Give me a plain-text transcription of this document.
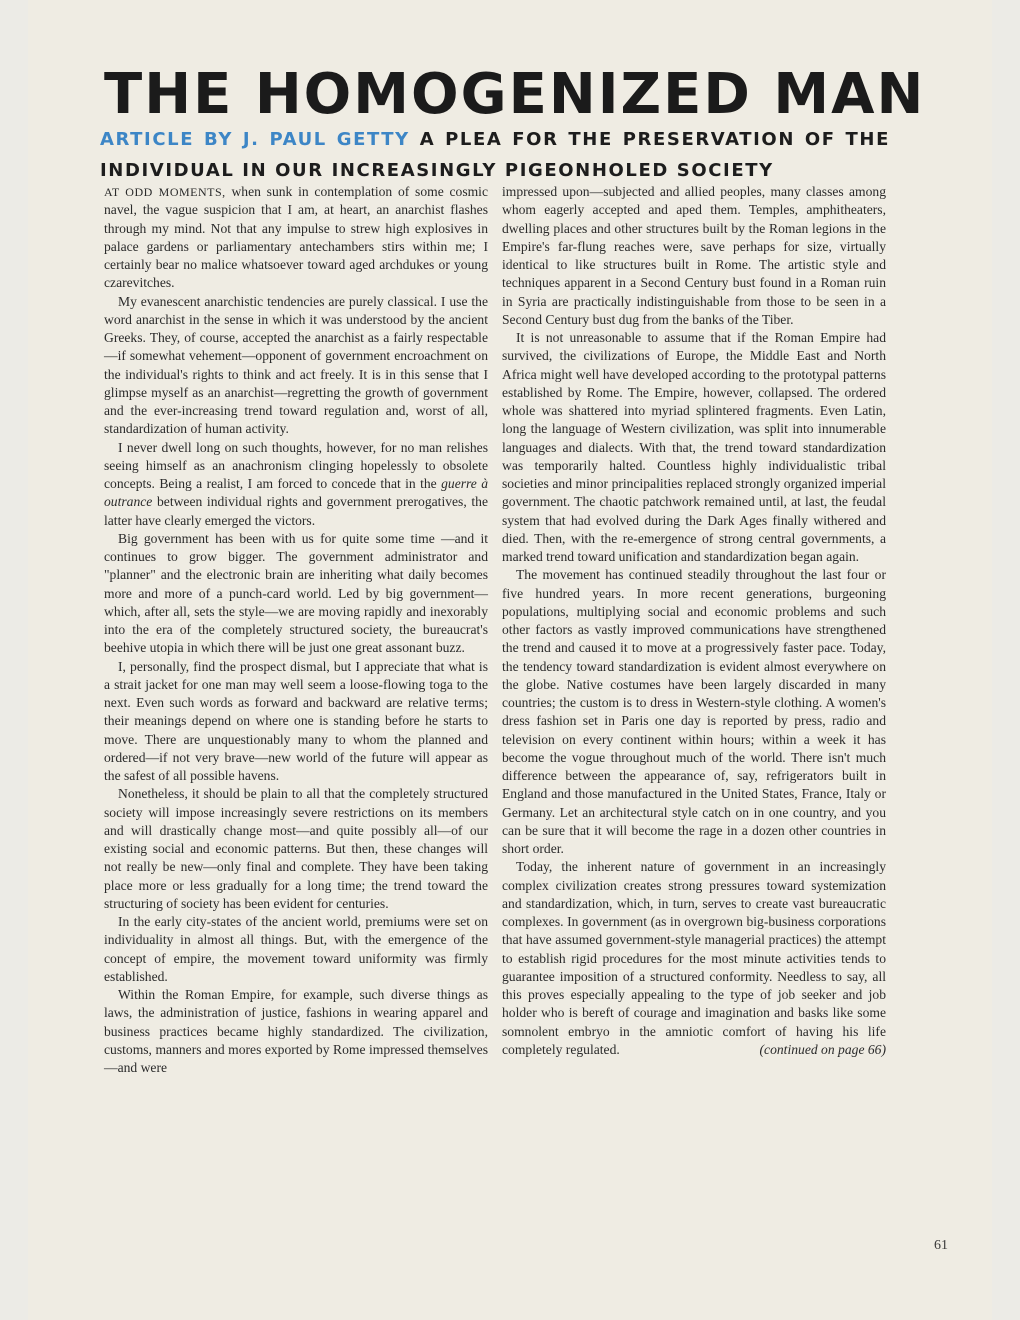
THE HOMOGENIZED MAN

ARTICLE BY J. PAUL GETTY A PLEA FOR THE PRESERVATION OF THE INDIVIDUAL IN OUR INCREASINGLY PIGEONHOLED SOCIETY

AT ODD MOMENTS, when sunk in contemplation of some cosmic navel, the vague suspicion that I am, at heart, an anarchist flashes through my mind. Not that any impulse to strew high explosives in palace gardens or parliamentary antechambers stirs within me; I certainly bear no malice whatsoever toward aged archdukes or young czarevitches.

My evanescent anarchistic tendencies are purely classical. I use the word anarchist in the sense in which it was understood by the ancient Greeks. They, of course, accepted the anarchist as a fairly respectable—if somewhat vehement—opponent of government encroachment on the individual's rights to think and act freely. It is in this sense that I glimpse myself as an anarchist—regretting the growth of government and the ever-increasing trend toward regulation and, worst of all, standardization of human activity.

I never dwell long on such thoughts, however, for no man relishes seeing himself as an anachronism clinging hopelessly to obsolete concepts. Being a realist, I am forced to concede that in the guerre à outrance between individual rights and government prerogatives, the latter have clearly emerged the victors.

Big government has been with us for quite some time —and it continues to grow bigger. The government administrator and "planner" and the electronic brain are inheriting what daily becomes more and more of a punch-card world. Led by big government—which, after all, sets the style—we are moving rapidly and inexorably into the era of the completely structured society, the bureaucrat's beehive utopia in which there will be just one great assonant buzz.

I, personally, find the prospect dismal, but I appreciate that what is a strait jacket for one man may well seem a loose-flowing toga to the next. Even such words as forward and backward are relative terms; their meanings depend on where one is standing before he starts to move. There are unquestionably many to whom the planned and ordered—if not very brave—new world of the future will appear as the safest of all possible havens.

Nonetheless, it should be plain to all that the completely structured society will impose increasingly severe restrictions on its members and will drastically change most—and quite possibly all—of our existing social and economic patterns. But then, these changes will not really be new—only final and complete. They have been taking place more or less gradually for a long time; the trend toward the structuring of society has been evident for centuries.

In the early city-states of the ancient world, premiums were set on individuality in almost all things. But, with the emergence of the concept of empire, the movement toward uniformity was firmly established.

Within the Roman Empire, for example, such diverse things as laws, the administration of justice, fashions in wearing apparel and business practices became highly standardized. The civilization, customs, manners and mores exported by Rome impressed themselves—and were

impressed upon—subjected and allied peoples, many classes among whom eagerly accepted and aped them. Temples, amphitheaters, dwelling places and other structures built by the Roman legions in the Empire's far-flung reaches were, save perhaps for size, virtually identical to like structures built in Rome. The artistic style and techniques apparent in a Second Century bust found in a Roman ruin in Syria are practically indistinguishable from those to be seen in a Second Century bust dug from the banks of the Tiber.

It is not unreasonable to assume that if the Roman Empire had survived, the civilizations of Europe, the Middle East and North Africa might well have developed according to the prototypal patterns established by Rome. The Empire, however, collapsed. The ordered whole was shattered into myriad splintered fragments. Even Latin, long the language of Western civilization, was split into innumerable languages and dialects. With that, the trend toward standardization was temporarily halted. Countless highly individualistic tribal societies and minor principalities replaced strongly organized imperial government. The chaotic patchwork remained until, at last, the feudal system that had evolved during the Dark Ages finally withered and died. Then, with the re-emergence of strong central governments, a marked trend toward unification and standardization began again.

The movement has continued steadily throughout the last four or five hundred years. In more recent generations, burgeoning populations, multiplying social and economic problems and such other factors as vastly improved communications have strengthened the trend and caused it to move at a progressively faster pace. Today, the tendency toward standardization is evident almost everywhere on the globe. Native costumes have been largely discarded in many countries; the custom is to dress in Western-style clothing. A women's dress fashion set in Paris one day is reported by press, radio and television on every continent within hours; within a week it has become the vogue throughout much of the world. There isn't much difference between the appearance of, say, refrigerators built in England and those manufactured in the United States, France, Italy or Germany. Let an architectural style catch on in one country, and you can be sure that it will become the rage in a dozen other countries in short order.

Today, the inherent nature of government in an increasingly complex civilization creates strong pressures toward systemization and standardization, which, in turn, serves to create vast bureaucratic complexes. In government (as in overgrown big-business corporations that have assumed government-style managerial practices) the attempt to establish rigid procedures for the most minute activities tends to guarantee imposition of a structured conformity. Needless to say, all this proves especially appealing to the type of job seeker and job holder who is bereft of courage and imagination and basks like some somnolent embryo in the amniotic comfort of having his life completely regulated.	(continued on page 66)

61
